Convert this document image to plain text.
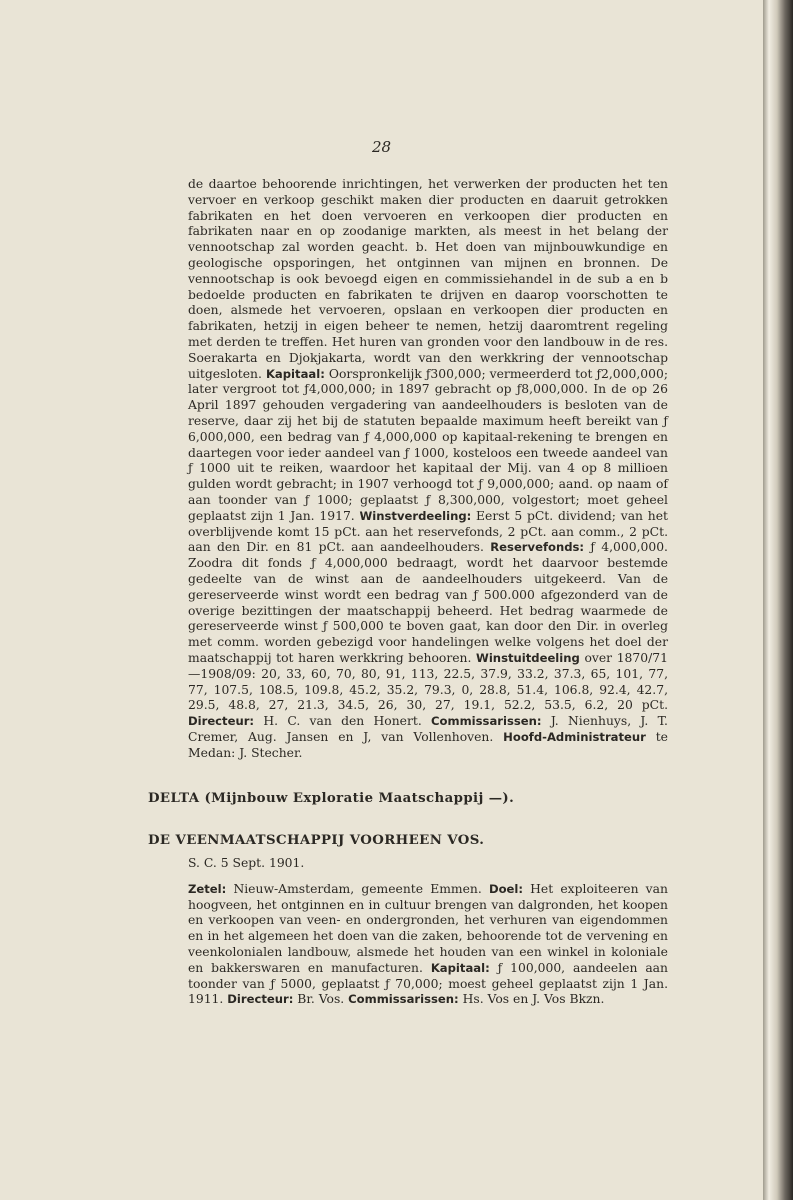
28

de daartoe behoorende inrichtingen, het verwerken der producten het ten vervoer en verkoop geschikt maken dier producten en daaruit getrokken fabrikaten en het doen vervoeren en verkoopen dier producten en fabrikaten naar en op zoodanige markten, als meest in het belang der vennootschap zal worden geacht. b. Het doen van mijnbouwkundige en geologische opsporingen, het ontginnen van mijnen en bronnen. De vennootschap is ook bevoegd eigen en commissiehandel in de sub a en b bedoelde producten en fabrikaten te drijven en daarop voorschotten te doen, alsmede het vervoeren, opslaan en verkoopen dier producten en fabrikaten, hetzij in eigen beheer te nemen, hetzij daaromtrent regeling met derden te treffen. Het huren van gronden voor den landbouw in de res. Soerakarta en Djokjakarta, wordt van den werkkring der vennootschap uitgesloten. Kapitaal: Oorspronkelijk ƒ300,000; vermeerderd tot ƒ2,000,000; later vergroot tot ƒ4,000,000; in 1897 gebracht op ƒ8,000,000. In de op 26 April 1897 gehouden vergadering van aandeelhouders is besloten van de reserve, daar zij het bij de statuten bepaalde maximum heeft bereikt van ƒ 6,000,000, een bedrag van ƒ 4,000,000 op kapitaal-rekening te brengen en daartegen voor ieder aandeel van ƒ 1000, kosteloos een tweede aandeel van ƒ 1000 uit te reiken, waardoor het kapitaal der Mij. van 4 op 8 millioen gulden wordt gebracht; in 1907 verhoogd tot ƒ 9,000,000; aand. op naam of aan toonder van ƒ 1000; geplaatst ƒ 8,300,000, volgestort; moet geheel geplaatst zijn 1 Jan. 1917. Winstverdeeling: Eerst 5 pCt. dividend; van het overblijvende komt 15 pCt. aan het reservefonds, 2 pCt. aan comm., 2 pCt. aan den Dir. en 81 pCt. aan aandeelhouders. Reservefonds: ƒ 4,000,000. Zoodra dit fonds ƒ 4,000,000 bedraagt, wordt het daarvoor bestemde gedeelte van de winst aan de aandeelhouders uitgekeerd. Van de gereserveerde winst wordt een bedrag van ƒ 500.000 afgezonderd van de overige bezittingen der maatschappij beheerd. Het bedrag waarmede de gereserveerde winst ƒ 500,000 te boven gaat, kan door den Dir. in overleg met comm. worden gebezigd voor handelingen welke volgens het doel der maatschappij tot haren werkkring behooren. Winstuitdeeling over 1870/71—1908/09: 20, 33, 60, 70, 80, 91, 113, 22.5, 37.9, 33.2, 37.3, 65, 101, 77, 77, 107.5, 108.5, 109.8, 45.2, 35.2, 79.3, 0, 28.8, 51.4, 106.8, 92.4, 42.7, 29.5, 48.8, 27, 21.3, 34.5, 26, 30, 27, 19.1, 52.2, 53.5, 6.2, 20 pCt. Directeur: H. C. van den Honert. Commissarissen: J. Nienhuys, J. T. Cremer, Aug. Jansen en J, van Vollenhoven. Hoofd-Administrateur te Medan: J. Stecher.

DELTA (Mijnbouw Exploratie Maatschappij —).
DE VEENMAATSCHAPPIJ VOORHEEN VOS.

S. C. 5 Sept. 1901.

Zetel: Nieuw-Amsterdam, gemeente Emmen. Doel: Het exploiteeren van hoogveen, het ontginnen en in cultuur brengen van dalgronden, het koopen en verkoopen van veen- en ondergronden, het verhuren van eigendommen en in het algemeen het doen van die zaken, behoorende tot de vervening en veenkolonialen landbouw, alsmede het houden van een winkel in koloniale en bakkerswaren en manufacturen. Kapitaal: ƒ 100,000, aandeelen aan toonder van ƒ 5000, geplaatst ƒ 70,000; moest geheel geplaatst zijn 1 Jan. 1911. Directeur: Br. Vos. Commissarissen: Hs. Vos en J. Vos Bkzn.
